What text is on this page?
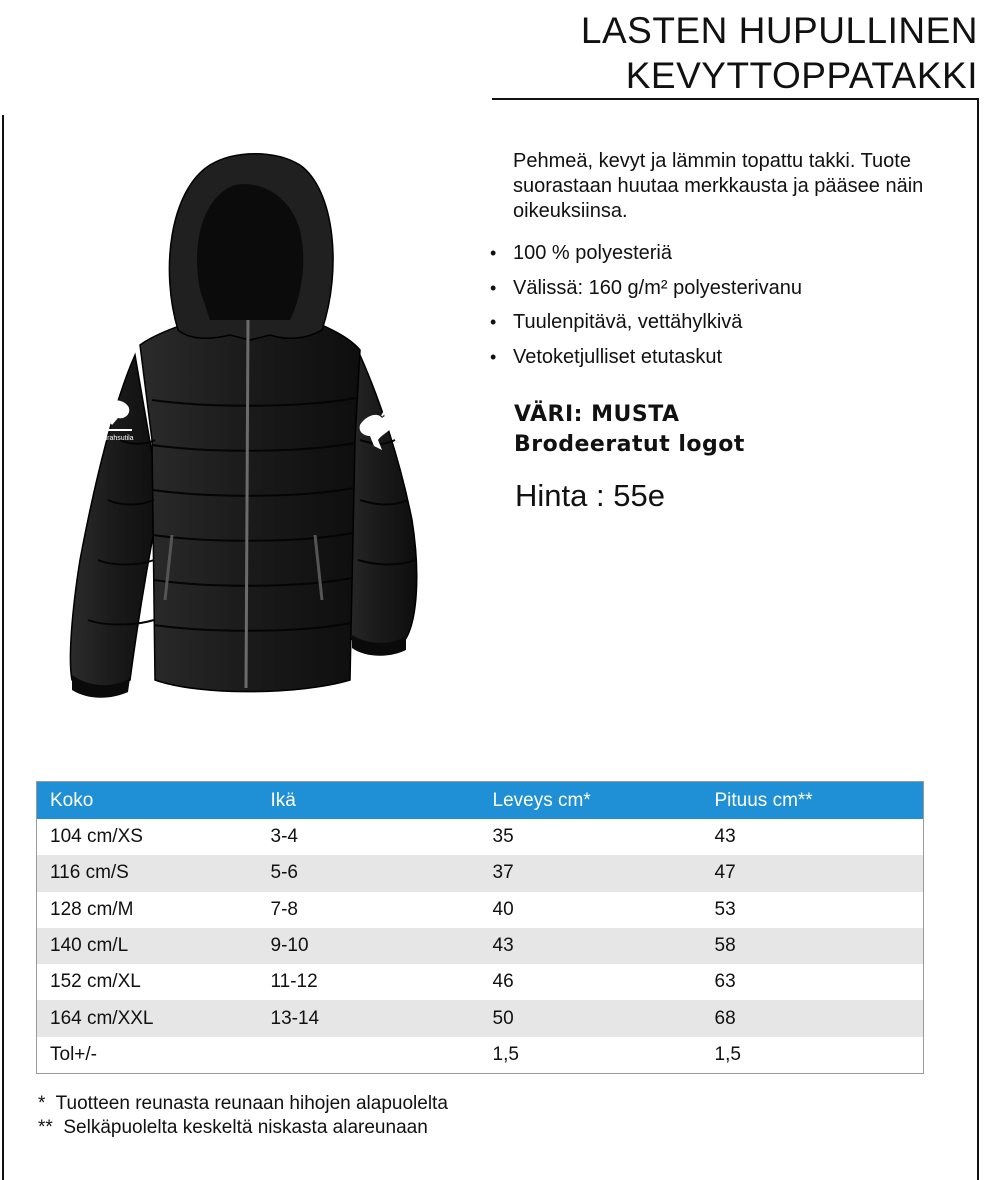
LASTEN HUPULLINEN
KEVYTTOPPATAKKI
Ilmanrahsutila
Pehmeä, kevyt ja lämmin topattu takki. Tuote suorastaan huutaa merkkausta ja pääsee näin oikeuksiinsa.
• 100 % polyesteriä
• Välissä: 160 g/m² polyesterivanu
• Tuulenpitävä, vettähylkivä
• Vetoketjulliset etutaskut
VÄRI: MUSTA
Brodeeratut logot
Hinta : 55e
Koko	Ikä	Leveys cm*	Pituus cm**
104 cm/XS	3-4	35	43
116 cm/S	5-6	37	47
128 cm/M	7-8	40	53
140 cm/L	9-10	43	58
152 cm/XL	11-12	46	63
164 cm/XXL	13-14	50	68
Tol+/-		1,5	1,5
* Tuotteen reunasta reunaan hihojen alapuolelta
** Selkäpuolelta keskeltä niskasta alareunaan
